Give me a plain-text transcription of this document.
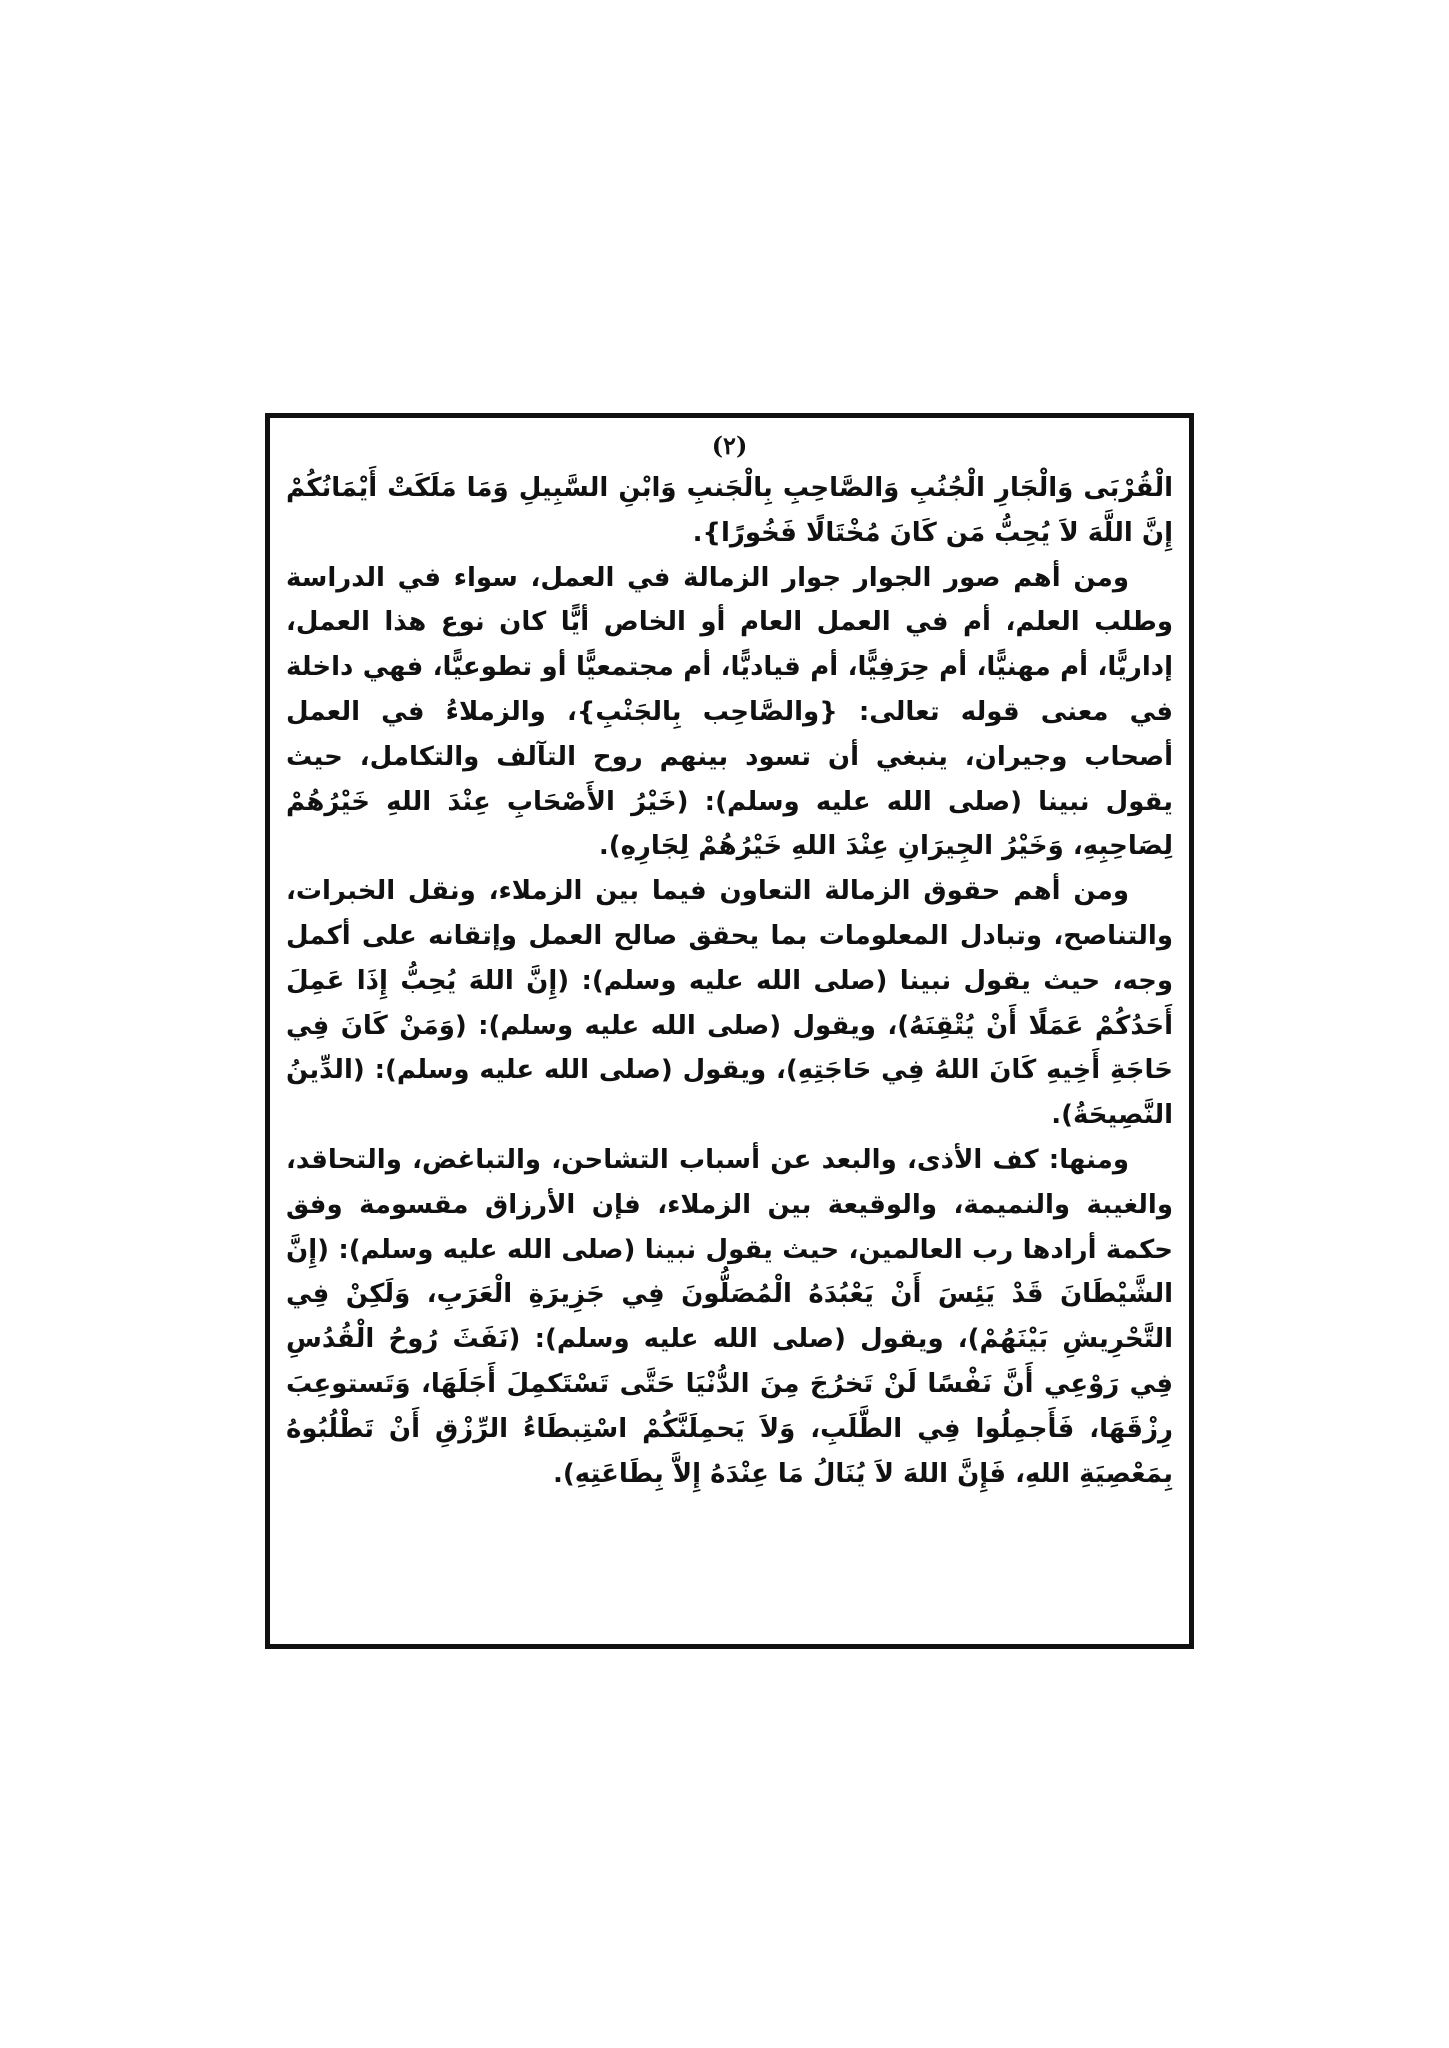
(٢)

الْقُرْبَى وَالْجَارِ الْجُنُبِ وَالصَّاحِبِ بِالْجَنبِ وَابْنِ السَّبِيلِ وَمَا مَلَكَتْ أَيْمَانُكُمْ إِنَّ اللَّهَ لاَ يُحِبُّ مَن كَانَ مُخْتَالًا فَخُورًا}.

ومن أهم صور الجوار جوار الزمالة في العمل، سواء في الدراسة وطلب العلم، أم في العمل العام أو الخاص أيًّا كان نوع هذا العمل، إداريًّا، أم مهنيًّا، أم حِرَفِيًّا، أم قياديًّا، أم مجتمعيًّا أو تطوعيًّا، فهي داخلة في معنى قوله تعالى: {والصَّاحِب بِالجَنْبِ}، والزملاءُ في العمل أصحاب وجيران، ينبغي أن تسود بينهم روح التآلف والتكامل، حيث يقول نبينا (صلى الله عليه وسلم): (خَيْرُ الأَصْحَابِ عِنْدَ اللهِ خَيْرُهُمْ لِصَاحِبِهِ، وَخَيْرُ الجِيرَانِ عِنْدَ اللهِ خَيْرُهُمْ لِجَارِهِ).

ومن أهم حقوق الزمالة التعاون فيما بين الزملاء، ونقل الخبرات، والتناصح، وتبادل المعلومات بما يحقق صالح العمل وإتقانه على أكمل وجه، حيث يقول نبينا (صلى الله عليه وسلم): (إِنَّ اللهَ يُحِبُّ إِذَا عَمِلَ أَحَدُكُمْ عَمَلًا أَنْ يُتْقِنَهُ)، ويقول (صلى الله عليه وسلم): (وَمَنْ كَانَ فِي حَاجَةِ أَخِيهِ كَانَ اللهُ فِي حَاجَتِهِ)، ويقول (صلى الله عليه وسلم): (الدِّينُ النَّصِيحَةُ).

ومنها: كف الأذى، والبعد عن أسباب التشاحن، والتباغض، والتحاقد، والغيبة والنميمة، والوقيعة بين الزملاء، فإن الأرزاق مقسومة وفق حكمة أرادها رب العالمين، حيث يقول نبينا (صلى الله عليه وسلم): (إِنَّ الشَّيْطَانَ قَدْ يَئِسَ أَنْ يَعْبُدَهُ الْمُصَلُّونَ فِي جَزِيرَةِ الْعَرَبِ، وَلَكِنْ فِي التَّحْرِيشِ بَيْنَهُمْ)، ويقول (صلى الله عليه وسلم): (نَفَثَ رُوحُ الْقُدُسِ فِي رَوْعِي أَنَّ نَفْسًا لَنْ تَخرُجَ مِنَ الدُّنْيَا حَتَّى تَسْتَكمِلَ أَجَلَهَا، وَتَستوعِبَ رِزْقَهَا، فَأَجمِلُوا فِي الطَّلَبِ، وَلاَ يَحمِلَنَّكُمْ اسْتِبطَاءُ الرِّزْقِ أَنْ تَطْلُبُوهُ بِمَعْصِيَةِ اللهِ، فَإِنَّ اللهَ لاَ يُنَالُ مَا عِنْدَهُ إِلاَّ بِطَاعَتِهِ).
